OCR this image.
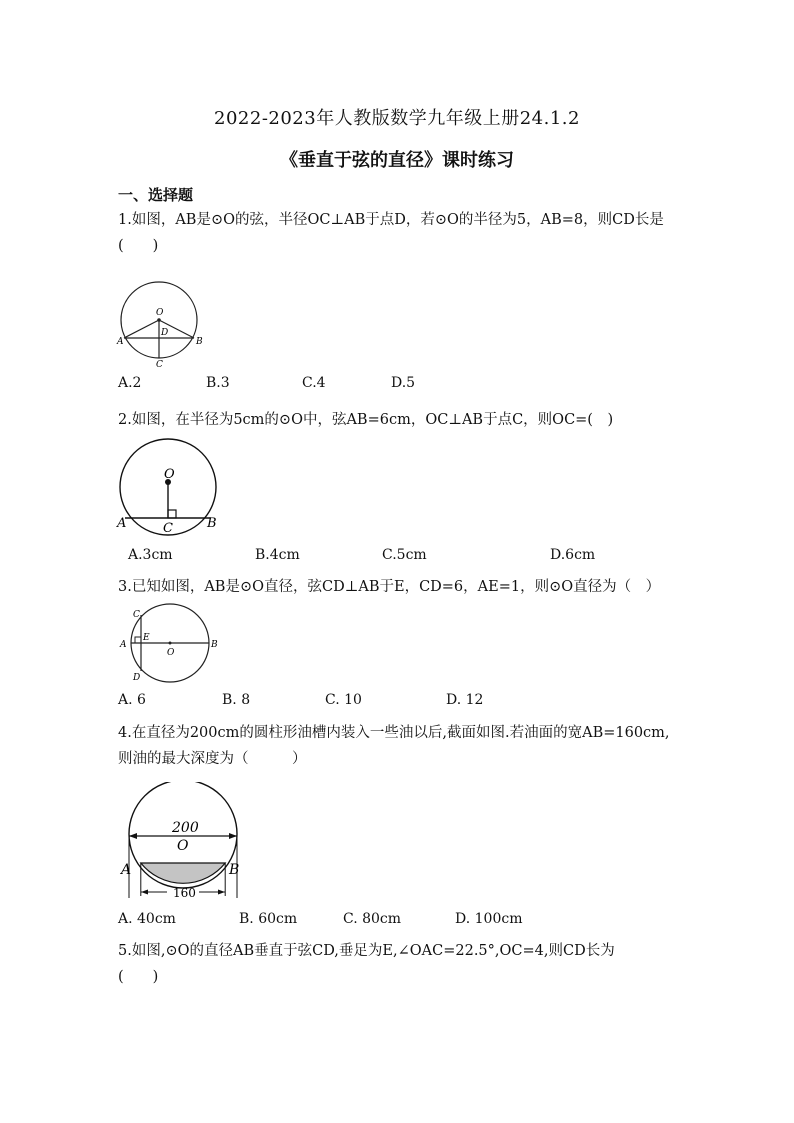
2022-2023年人教版数学九年级上册24.1.2
《垂直于弦的直径》课时练习
一、选择题
1.如图，AB是⊙O的弦，半径OC⊥AB于点D，若⊙O的半径为5，AB=8，则CD长是
(　　)
O
A	B
D
C
A.2	B.3	C.4	D.5
2.如图，在半径为5cm的⊙O中，弦AB=6cm，OC⊥AB于点C，则OC=(　)
O
A	B
C
A.3cm	B.4cm	C.5cm	D.6cm
3.已知如图，AB是⊙O直径，弦CD⊥AB于E，CD=6，AE=1，则⊙O直径为（　）
C
A
E
O
B
D
A. 6	B. 8	C. 10	D. 12
4.在直径为200cm的圆柱形油槽内装入一些油以后,截面如图.若油面的宽AB=160cm,
则油的最大深度为（　　　）
200
O
A	B
160
A. 40cm	B. 60cm	C. 80cm	D. 100cm
5.如图,⊙O的直径AB垂直于弦CD,垂足为E,∠OAC=22.5°,OC=4,则CD长为
(　　)
